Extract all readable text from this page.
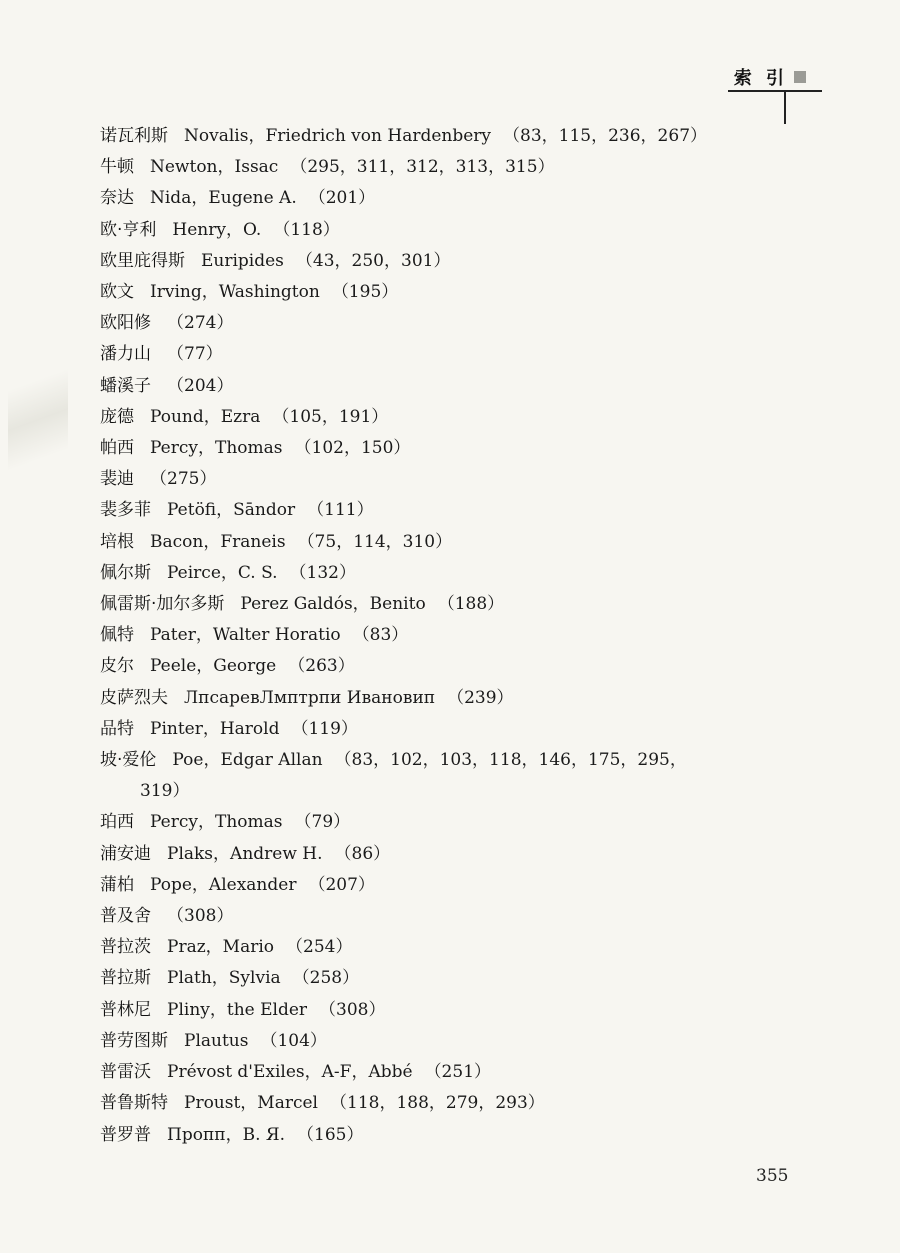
索 引
诺瓦利斯 Novalis，Friedrich von Hardenbery （83，115，236，267）
牛顿 Newton，Issac （295，311，312，313，315）
奈达 Nida，Eugene A. （201）
欧·亨利 Henry，O. （118）
欧里庇得斯 Euripides （43，250，301）
欧文 Irving，Washington （195）
欧阳修 （274）
潘力山 （77）
蟠溪子 （204）
庞德 Pound，Ezra （105，191）
帕西 Percy，Thomas （102，150）
裴迪 （275）
裴多菲 Petöfi，Sāndor （111）
培根 Bacon，Franeis （75，114，310）
佩尔斯 Peirce，C. S. （132）
佩雷斯·加尔多斯 Perez Galdós，Benito （188）
佩特 Pater，Walter Horatio （83）
皮尔 Peele，George （263）
皮萨烈夫 ЛпсаревЛмптрпи Ивановип （239）
品特 Pinter，Harold （119）
坡·爱伦 Poe，Edgar Allan （83，102，103，118，146，175，295，
319）
珀西 Percy，Thomas （79）
浦安迪 Plaks，Andrew H. （86）
蒲柏 Pope，Alexander （207）
普及舍 （308）
普拉茨 Praz，Mario （254）
普拉斯 Plath，Sylvia （258）
普林尼 Pliny，the Elder （308）
普劳图斯 Plautus （104）
普雷沃 Prévost d'Exiles，A-F，Abbé （251）
普鲁斯特 Proust，Marcel （118，188，279，293）
普罗普 Пропп，В. Я. （165）
355
